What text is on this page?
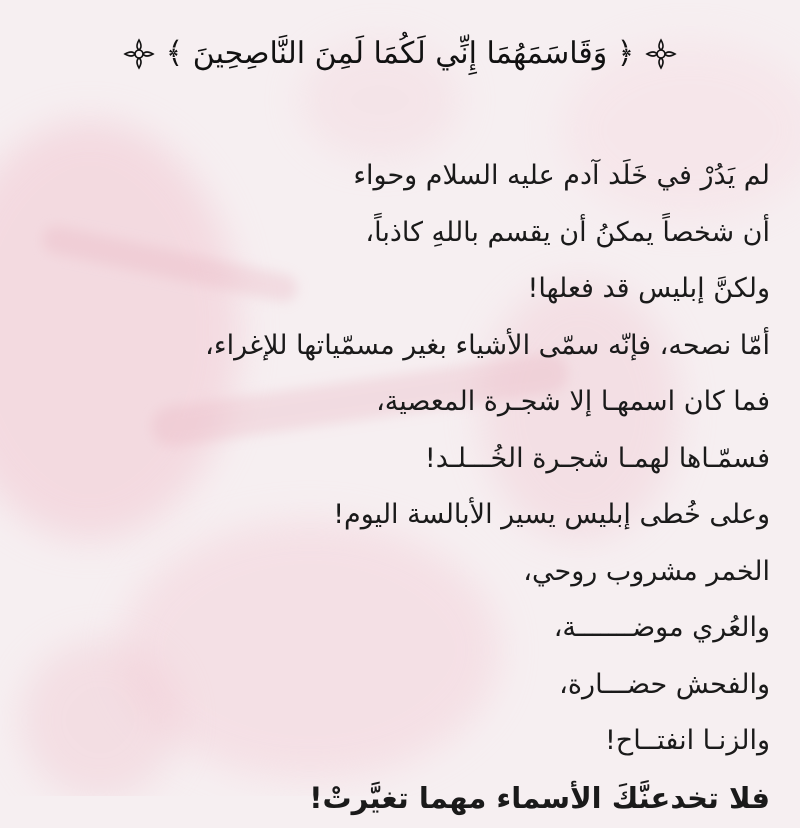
﴿ وَقَاسَمَهُمَا إِنِّي لَكُمَا لَمِنَ النَّاصِحِينَ ﴾
لم يَدُرْ في خَلَد آدم عليه السلام وحواء
أن شخصاً يمكنُ أن يقسم باللهِ كاذباً،
ولكنَّ إبليس قد فعلها!
أمّا نصحه، فإنّه سمّى الأشياء بغير مسمّياتها للإغراء،
فما كان اسمهـا إلا شجـرة المعصية،
فسمّـاها لهمـا شجـرة الخُـــلـد!
وعلى خُطى إبليس يسير الأبالسة اليوم!
الخمر مشروب روحي،
والعُري موضـــــــة،
والفحش حضـــارة،
والزنـا انفتــاح!
فلا تخدعنَّكَ الأسماء مهما تغيَّرتْ!
